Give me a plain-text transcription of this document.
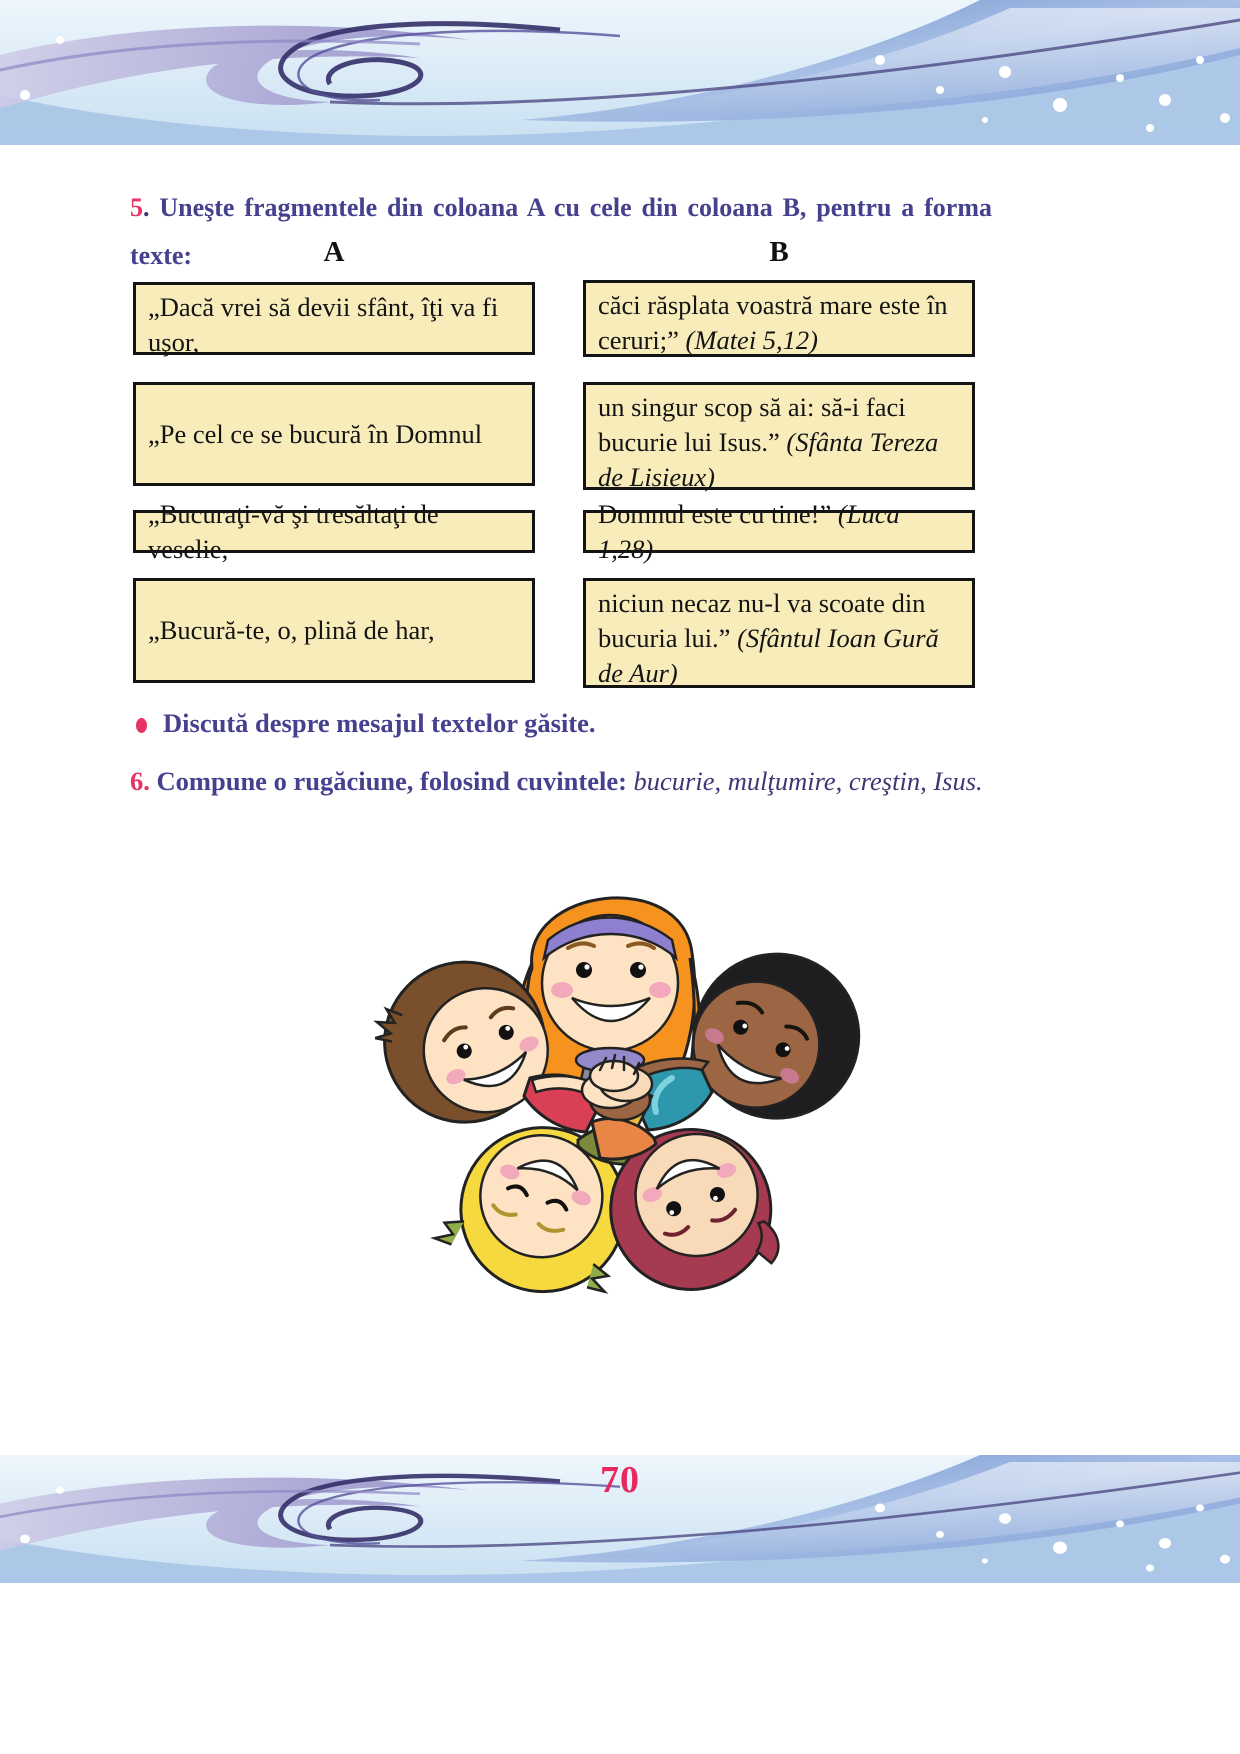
5. Uneşte fragmentele din coloana A cu cele din coloana B, pentru a forma texte:	A	B
„Dacă vrei să devii sfânt, îţi va fi uşor,
căci răsplata voastră mare este în ceruri;” (Matei 5,12)
„Pe cel ce se bucură în Domnul
un singur scop să ai: să-i faci bucurie lui Isus.” (Sfânta Tereza de Lisieux)
„Bucuraţi-vă şi tresăltaţi de veselie,
Domnul este cu tine!” (Luca 1,28)
„Bucură-te, o, plină de har,
niciun necaz nu-l va scoate din bucuria lui.” (Sfântul Ioan Gură de Aur)
Discută despre mesajul textelor găsite.
6. Compune o rugăciune, folosind cuvintele: bucurie, mulţumire, creştin, Isus.
70
